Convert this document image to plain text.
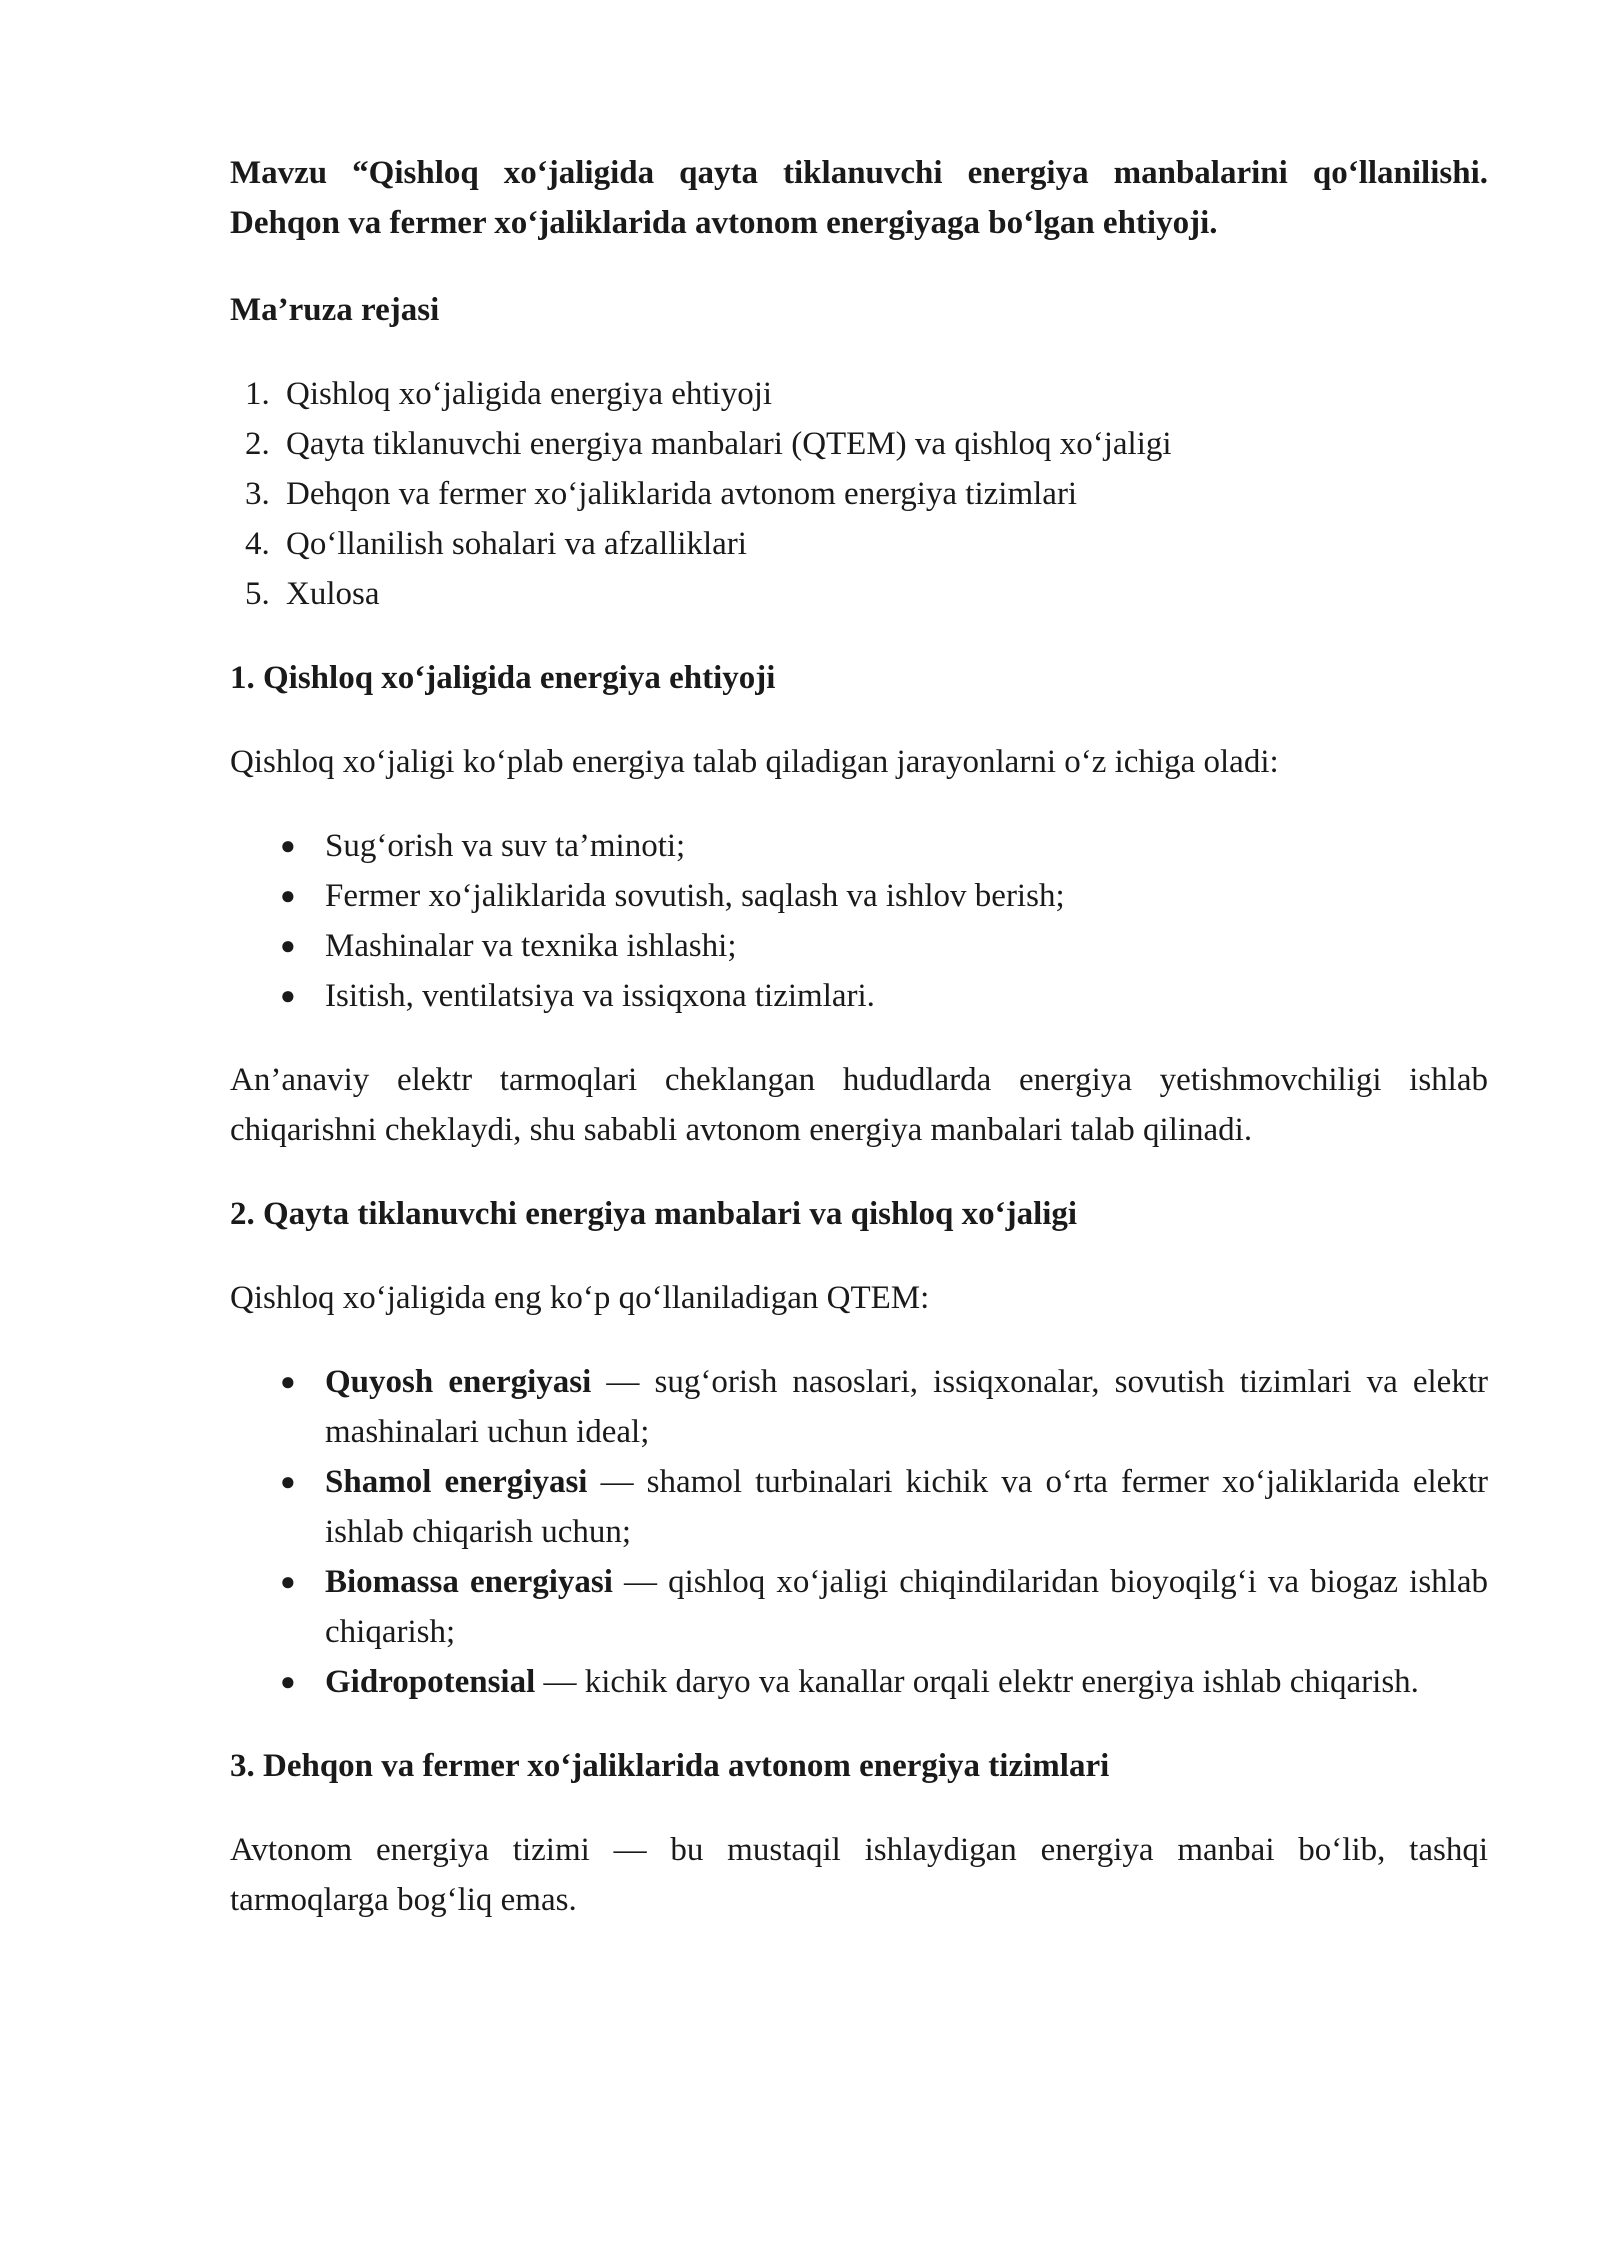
Mavzu “Qishloq xo‘jaligida qayta tiklanuvchi energiya manbalarini qo‘llanilishi. Dehqon va fermer xo‘jaliklarida avtonom energiyaga bo‘lgan ehtiyoji.

Ma’ruza rejasi
1. Qishloq xo‘jaligida energiya ehtiyoji
2. Qayta tiklanuvchi energiya manbalari (QTEM) va qishloq xo‘jaligi
3. Dehqon va fermer xo‘jaliklarida avtonom energiya tizimlari
4. Qo‘llanilish sohalari va afzalliklari
5. Xulosa
1. Qishloq xo‘jaligida energiya ehtiyoji

Qishloq xo‘jaligi ko‘plab energiya talab qiladigan jarayonlarni o‘z ichiga oladi:

● Sug‘orish va suv ta’minoti;
● Fermer xo‘jaliklarida sovutish, saqlash va ishlov berish;
● Mashinalar va texnika ishlashi;
● Isitish, ventilatsiya va issiqxona tizimlari.

An’anaviy elektr tarmoqlari cheklangan hududlarda energiya yetishmovchiligi ishlab chiqarishni cheklaydi, shu sababli avtonom energiya manbalari talab qilinadi.

2. Qayta tiklanuvchi energiya manbalari va qishloq xo‘jaligi

Qishloq xo‘jaligida eng ko‘p qo‘llaniladigan QTEM:

● Quyosh energiyasi — sug‘orish nasoslari, issiqxonalar, sovutish tizimlari va elektr mashinalari uchun ideal;
● Shamol energiyasi — shamol turbinalari kichik va o‘rta fermer xo‘jaliklarida elektr ishlab chiqarish uchun;
● Biomassa energiyasi — qishloq xo‘jaligi chiqindilaridan bioyoqilg‘i va biogaz ishlab chiqarish;
● Gidropotensial — kichik daryo va kanallar orqali elektr energiya ishlab chiqarish.
3. Dehqon va fermer xo‘jaliklarida avtonom energiya tizimlari

Avtonom energiya tizimi — bu mustaqil ishlaydigan energiya manbai bo‘lib, tashqi tarmoqlarga bog‘liq emas.
